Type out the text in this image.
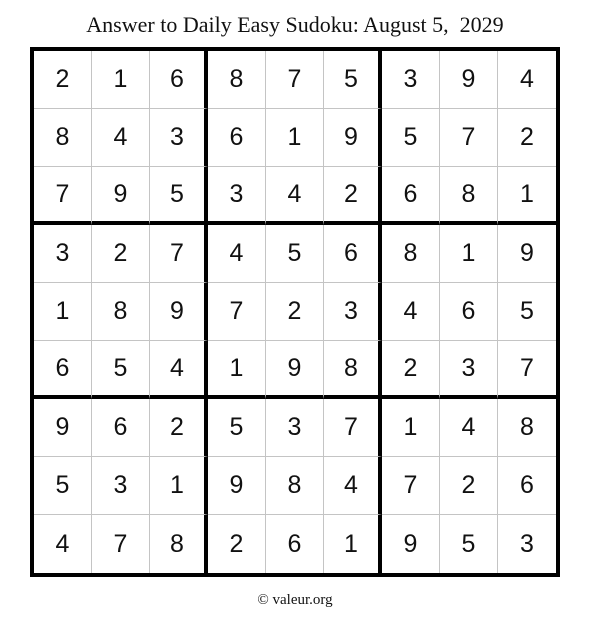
Answer to Daily Easy Sudoku: August 5,  2029
2	1	6	8	7	5	3	9	4
8	4	3	6	1	9	5	7	2
7	9	5	3	4	2	6	8	1
3	2	7	4	5	6	8	1	9
1	8	9	7	2	3	4	6	5
6	5	4	1	9	8	2	3	7
9	6	2	5	3	7	1	4	8
5	3	1	9	8	4	7	2	6
4	7	8	2	6	1	9	5	3
© valeur.org
